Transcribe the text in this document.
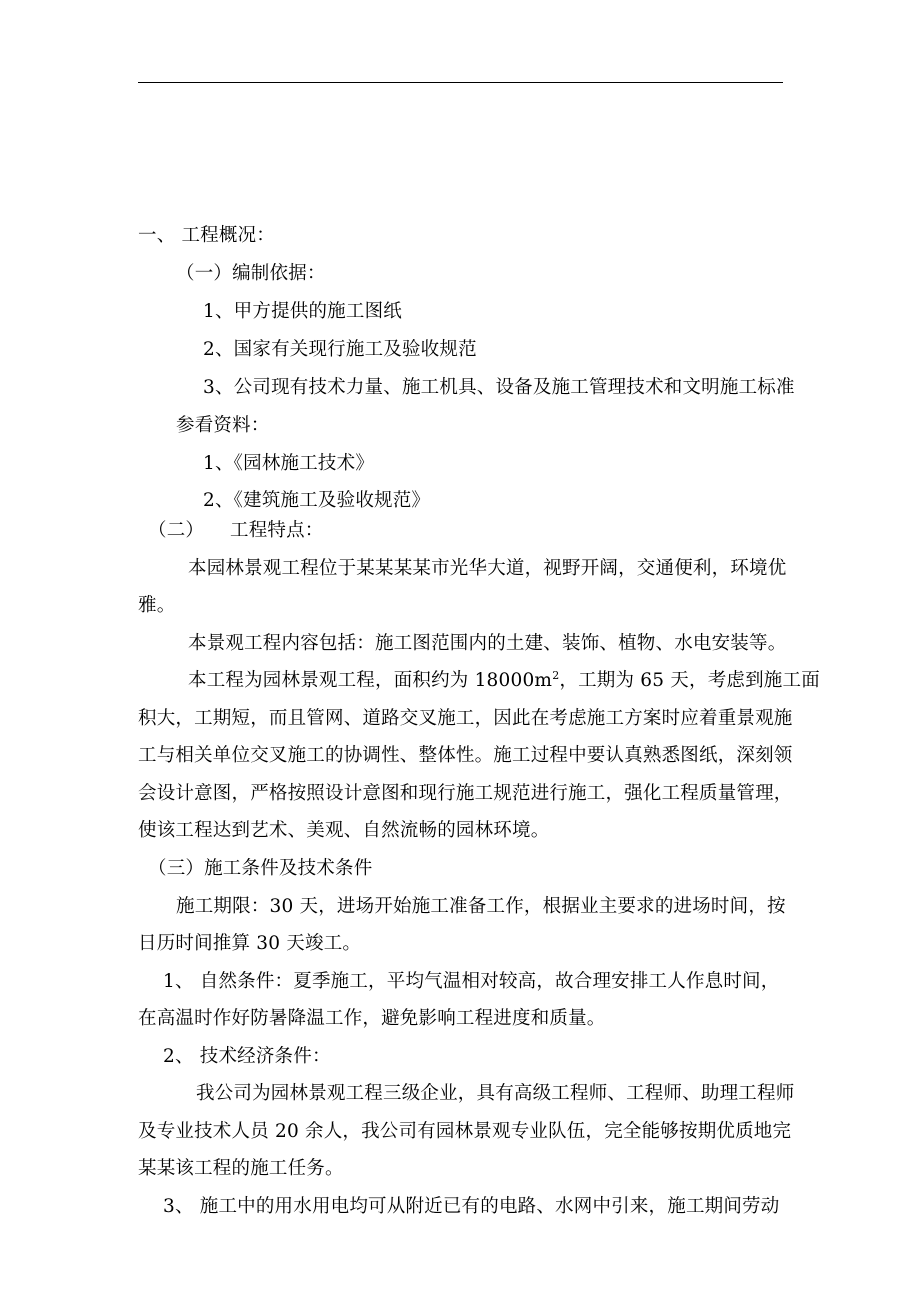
一、 工程概况：
（一）编制依据：
1、甲方提供的施工图纸
2、国家有关现行施工及验收规范
3、公司现有技术力量、施工机具、设备及施工管理技术和文明施工标准
参看资料：
1、《园林施工技术》
2、《建筑施工及验收规范》
（二） 工程特点：
本园林景观工程位于某某某某市光华大道，视野开阔，交通便利，环境优
雅。
本景观工程内容包括：施工图范围内的土建、装饰、植物、水电安装等。
本工程为园林景观工程，面积约为 $18000m^2$，工期为 65 天，考虑到施工面
积大，工期短，而且管网、道路交叉施工，因此在考虑施工方案时应着重景观施
工与相关单位交叉施工的协调性、整体性。施工过程中要认真熟悉图纸，深刻领
会设计意图，严格按照设计意图和现行施工规范进行施工，强化工程质量管理，
使该工程达到艺术、美观、自然流畅的园林环境。
（三）施工条件及技术条件
施工期限：30 天，进场开始施工准备工作，根据业主要求的进场时间，按
日历时间推算 30 天竣工。
1、 自然条件：夏季施工，平均气温相对较高，故合理安排工人作息时间，
在高温时作好防暑降温工作，避免影响工程进度和质量。
2、 技术经济条件：
我公司为园林景观工程三级企业，具有高级工程师、工程师、助理工程师
及专业技术人员 20 余人，我公司有园林景观专业队伍，完全能够按期优质地完
某某该工程的施工任务。
3、 施工中的用水用电均可从附近已有的电路、水网中引来，施工期间劳动
